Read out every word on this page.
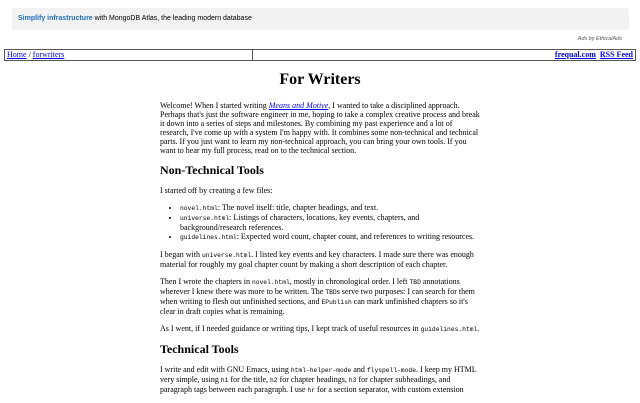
Simplify infrastructure with MongoDB Atlas, the leading modern database
Ads by EthicalAds
Home / forwriters	frequal.com RSS Feed
For Writers

Welcome! When I started writing Means and Motive, I wanted to take a disciplined approach. Perhaps that's just the software engineer in me, hoping to take a complex creative process and break it down into a series of steps and milestones. By combining my past experience and a lot of research, I've come up with a system I'm happy with. It combines some non-technical and technical parts. If you just want to learn my non-technical approach, you can bring your own tools. If you want to hear my full process, read on to the technical section.

Non-Technical Tools

I started off by creating a few files:

• novel.html: The novel itself: title, chapter headings, and text.
• universe.html: Listings of characters, locations, key events, chapters, and background/research references.
• guidelines.html: Expected word count, chapter count, and references to writing resources.

I began with universe.html. I listed key events and key characters. I made sure there was enough material for roughly my goal chapter count by making a short description of each chapter.

Then I wrote the chapters in novel.html, mostly in chronological order. I left TBD annotations wherever I knew there was more to be written. The TBDs serve two purposes: I can search for them when writing to flesh out unfinished sections, and EPublish can mark unfinished chapters so it's clear in draft copies what is remaining.

As I went, if I needed guidance or writing tips, I kept track of useful resources in guidelines.html.

Technical Tools

I write and edit with GNU Emacs, using html-helper-mode and flyspell-mode. I keep my HTML very simple, using h1 for the title, h2 for chapter headings, h3 for chapter subheadings, and paragraph tags between each paragraph. I use hr for a section separator, with custom extension
